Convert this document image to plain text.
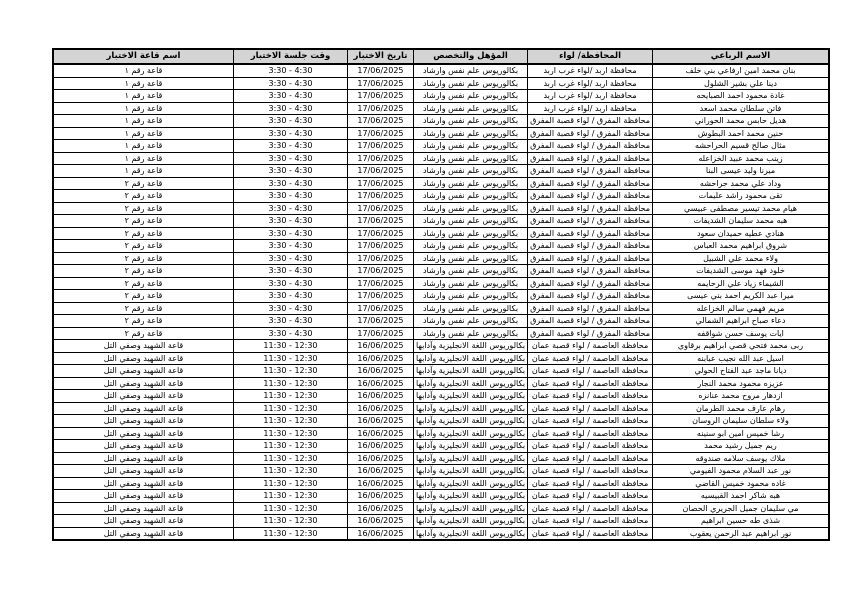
الاسم الرباعي	المحافظة/ لواء	المؤهل والتخصص	تاريخ الاختبار	وقت جلسة الاختبار	اسم قاعة الاختبار
بنان محمد امين ارفاعي بني خلف	محافظة اربد /لواء غرب اربد	بكالوريوس علم نفس وارشاد	17/06/2025	3:30 - 4:30	قاعة رقم ١
دينا علي بشير الشلول	محافظة اربد /لواء غرب اربد	بكالوريوس علم نفس وارشاد	17/06/2025	3:30 - 4:30	قاعة رقم ١
غادة محمود احمد الصبايحه	محافظة اربد /لواء غرب اربد	بكالوريوس علم نفس وارشاد	17/06/2025	3:30 - 4:30	قاعة رقم ١
فاتن سلطان محمد اسعد	محافظة اربد /لواء غرب اربد	بكالوريوس علم نفس وارشاد	17/06/2025	3:30 - 4:30	قاعة رقم ١
هديل حابس محمد الحوراني	محافظة المفرق / لواء قصبة المفرق	بكالوريوس علم نفس وارشاد	17/06/2025	3:30 - 4:30	قاعة رقم ١
حنين محمد احمد البطوش	محافظة المفرق / لواء قصبة المفرق	بكالوريوس علم نفس وارشاد	17/06/2025	3:30 - 4:30	قاعة رقم ١
مثال صالح قسيم الحراحشه	محافظة المفرق / لواء قصبة المفرق	بكالوريوس علم نفس وارشاد	17/06/2025	3:30 - 4:30	قاعة رقم ١
زينب محمد عبيد الخزاعله	محافظة المفرق / لواء قصبة المفرق	بكالوريوس علم نفس وارشاد	17/06/2025	3:30 - 4:30	قاعة رقم ١
ميرنا وليد عيسى البنا	محافظة المفرق / لواء قصبة المفرق	بكالوريوس علم نفس وارشاد	17/06/2025	3:30 - 4:30	قاعة رقم ١
وداد علي محمد حراحشه	محافظة المفرق / لواء قصبة المفرق	بكالوريوس علم نفس وارشاد	17/06/2025	3:30 - 4:30	قاعة رقم ٢
تقى محمود راشد عليمات	محافظة المفرق / لواء قصبة المفرق	بكالوريوس علم نفس وارشاد	17/06/2025	3:30 - 4:30	قاعة رقم ٢
هيام محمد تيسير مصطفى عبيسي	محافظة المفرق / لواء قصبة المفرق	بكالوريوس علم نفس وارشاد	17/06/2025	3:30 - 4:30	قاعة رقم ٢
هبه محمد سليمان الشديفات	محافظة المفرق / لواء قصبة المفرق	بكالوريوس علم نفس وارشاد	17/06/2025	3:30 - 4:30	قاعة رقم ٢
هنادي عطيه حميدان سعود	محافظة المفرق / لواء قصبة المفرق	بكالوريوس علم نفس وارشاد	17/06/2025	3:30 - 4:30	قاعة رقم ٢
شروق ابراهيم محمد العباس	محافظة المفرق / لواء قصبة المفرق	بكالوريوس علم نفس وارشاد	17/06/2025	3:30 - 4:30	قاعة رقم ٢
ولاء محمد علي الشبيل	محافظة المفرق / لواء قصبة المفرق	بكالوريوس علم نفس وارشاد	17/06/2025	3:30 - 4:30	قاعة رقم ٢
خلود فهد موسى الشديفات	محافظة المفرق / لواء قصبة المفرق	بكالوريوس علم نفس وارشاد	17/06/2025	3:30 - 4:30	قاعة رقم ٢
الشيماء زياد علي الرحايمه	محافظة المفرق / لواء قصبة المفرق	بكالوريوس علم نفس وارشاد	17/06/2025	3:30 - 4:30	قاعة رقم ٢
ميرا عبد الكريم احمد بني عيسى	محافظة المفرق / لواء قصبة المفرق	بكالوريوس علم نفس وارشاد	17/06/2025	3:30 - 4:30	قاعة رقم ٢
مريم فهمي سالم الخزاعله	محافظة المفرق / لواء قصبة المفرق	بكالوريوس علم نفس وارشاد	17/06/2025	3:30 - 4:30	قاعة رقم ٢
دعاء صباح ابراهيم الشمالي	محافظة المفرق / لواء قصبة المفرق	بكالوريوس علم نفس وارشاد	17/06/2025	3:30 - 4:30	قاعة رقم ٢
ايات يوسف حسن شواقفه	محافظة المفرق / لواء قصبة المفرق	بكالوريوس علم نفس وارشاد	17/06/2025	3:30 - 4:30	قاعة رقم ٢
ربى محمد فتحي قصي ابراهيم برقاوي	محافظة العاصمة / لواء قصبة عمان	بكالوريوس اللغة الانجليزية وآدابها	16/06/2025	11:30 - 12:30	قاعة الشهيد وصفي التل
اسيل عبد الله نجيب عبابنه	محافظة العاصمة / لواء قصبة عمان	بكالوريوس اللغة الانجليزية وآدابها	16/06/2025	11:30 - 12:30	قاعة الشهيد وصفي التل
ديانا ماجد عبد الفتاح الحولي	محافظة العاصمة / لواء قصبة عمان	بكالوريوس اللغة الانجليزية وآدابها	16/06/2025	11:30 - 12:30	قاعة الشهيد وصفي التل
عزيزه محمود محمد النجار	محافظة العاصمة / لواء قصبة عمان	بكالوريوس اللغة الانجليزية وآدابها	16/06/2025	11:30 - 12:30	قاعة الشهيد وصفي التل
ازدهار مروح محمد عنانزه	محافظة العاصمة / لواء قصبة عمان	بكالوريوس اللغة الانجليزية وآدابها	16/06/2025	11:30 - 12:30	قاعة الشهيد وصفي التل
رهام عارف محمد الطرمان	محافظة العاصمة / لواء قصبة عمان	بكالوريوس اللغة الانجليزية وآدابها	16/06/2025	11:30 - 12:30	قاعة الشهيد وصفي التل
ولاء سلطان سليمان الروسان	محافظة العاصمة / لواء قصبة عمان	بكالوريوس اللغة الانجليزية وآدابها	16/06/2025	11:30 - 12:30	قاعة الشهيد وصفي التل
رشا خميس امين ابو سنينه	محافظة العاصمة / لواء قصبة عمان	بكالوريوس اللغة الانجليزية وآدابها	16/06/2025	11:30 - 12:30	قاعة الشهيد وصفي التل
ريم جميل رشيد محمد	محافظة العاصمة / لواء قصبة عمان	بكالوريوس اللغة الانجليزية وآدابها	16/06/2025	11:30 - 12:30	قاعة الشهيد وصفي التل
ملاك يوسف سلامه صندوقه	محافظة العاصمة / لواء قصبة عمان	بكالوريوس اللغة الانجليزية وآدابها	16/06/2025	11:30 - 12:30	قاعة الشهيد وصفي التل
نور عبد السلام محمود الفيومي	محافظة العاصمة / لواء قصبة عمان	بكالوريوس اللغة الانجليزية وآدابها	16/06/2025	11:30 - 12:30	قاعة الشهيد وصفي التل
غاده محمود خميس القاضي	محافظة العاصمة / لواء قصبة عمان	بكالوريوس اللغة الانجليزية وآدابها	16/06/2025	11:30 - 12:30	قاعة الشهيد وصفي التل
هبه شاكر احمد القبيسيه	محافظة العاصمة / لواء قصبة عمان	بكالوريوس اللغة الانجليزية وآدابها	16/06/2025	11:30 - 12:30	قاعة الشهيد وصفي التل
مي سليمان جميل الجريري الحصان	محافظة العاصمة / لواء قصبة عمان	بكالوريوس اللغة الانجليزية وآدابها	16/06/2025	11:30 - 12:30	قاعة الشهيد وصفي التل
شذى طه حسين ابراهيم	محافظة العاصمة / لواء قصبة عمان	بكالوريوس اللغة الانجليزية وآدابها	16/06/2025	11:30 - 12:30	قاعة الشهيد وصفي التل
نور ابراهيم عبد الرحمن يعقوب	محافظة العاصمة / لواء قصبة عمان	بكالوريوس اللغة الانجليزية وآدابها	16/06/2025	11:30 - 12:30	قاعة الشهيد وصفي التل
